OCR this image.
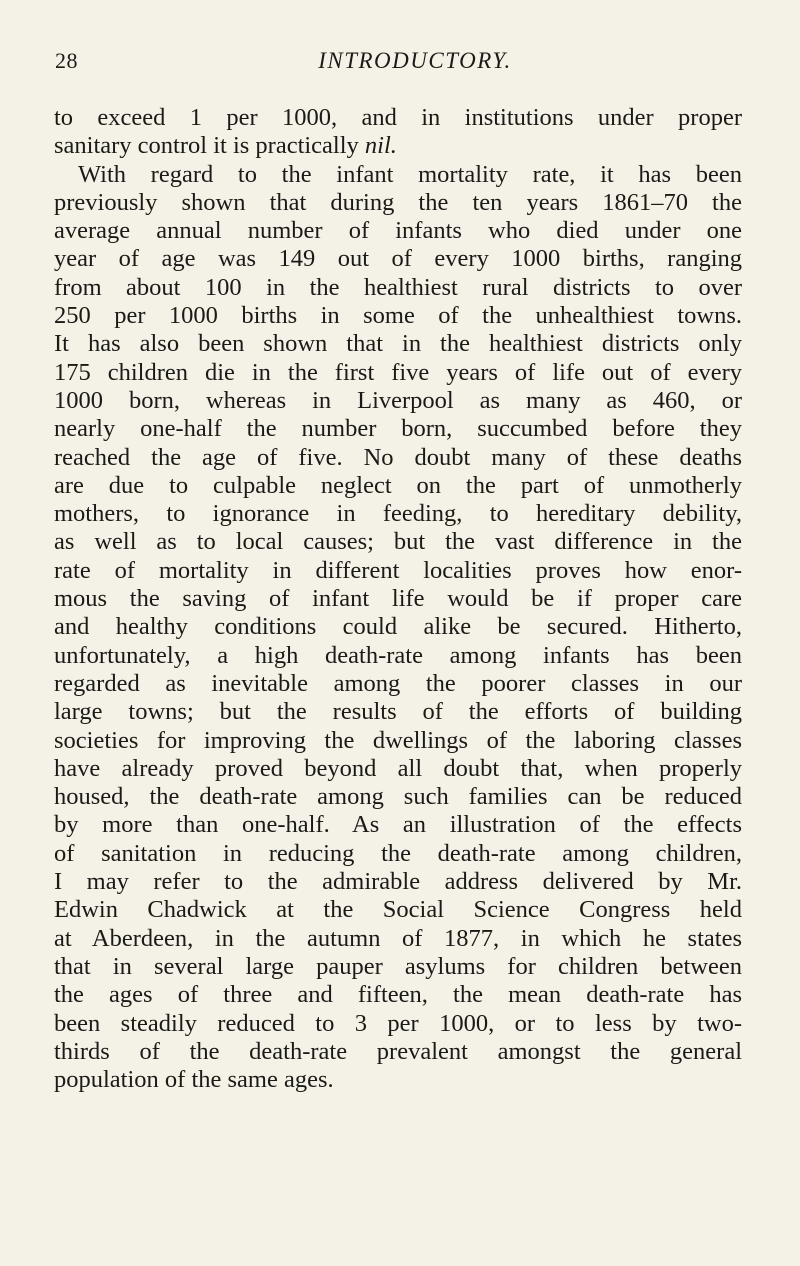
28	INTRODUCTORY.
to exceed 1 per 1000, and in institutions under proper
sanitary control it is practically nil.
With regard to the infant mortality rate, it has been
previously shown that during the ten years 1861–70 the
average annual number of infants who died under one
year of age was 149 out of every 1000 births, ranging
from about 100 in the healthiest rural districts to over
250 per 1000 births in some of the unhealthiest towns.
It has also been shown that in the healthiest districts only
175 children die in the first five years of life out of every
1000 born, whereas in Liverpool as many as 460, or
nearly one-half the number born, succumbed before they
reached the age of five. No doubt many of these deaths
are due to culpable neglect on the part of unmotherly
mothers, to ignorance in feeding, to hereditary debility,
as well as to local causes; but the vast difference in the
rate of mortality in different localities proves how enor-
mous the saving of infant life would be if proper care
and healthy conditions could alike be secured. Hitherto,
unfortunately, a high death-rate among infants has been
regarded as inevitable among the poorer classes in our
large towns; but the results of the efforts of building
societies for improving the dwellings of the laboring classes
have already proved beyond all doubt that, when properly
housed, the death-rate among such families can be reduced
by more than one-half. As an illustration of the effects
of sanitation in reducing the death-rate among children,
I may refer to the admirable address delivered by Mr.
Edwin Chadwick at the Social Science Congress held
at Aberdeen, in the autumn of 1877, in which he states
that in several large pauper asylums for children between
the ages of three and fifteen, the mean death-rate has
been steadily reduced to 3 per 1000, or to less by two-
thirds of the death-rate prevalent amongst the general
population of the same ages.
